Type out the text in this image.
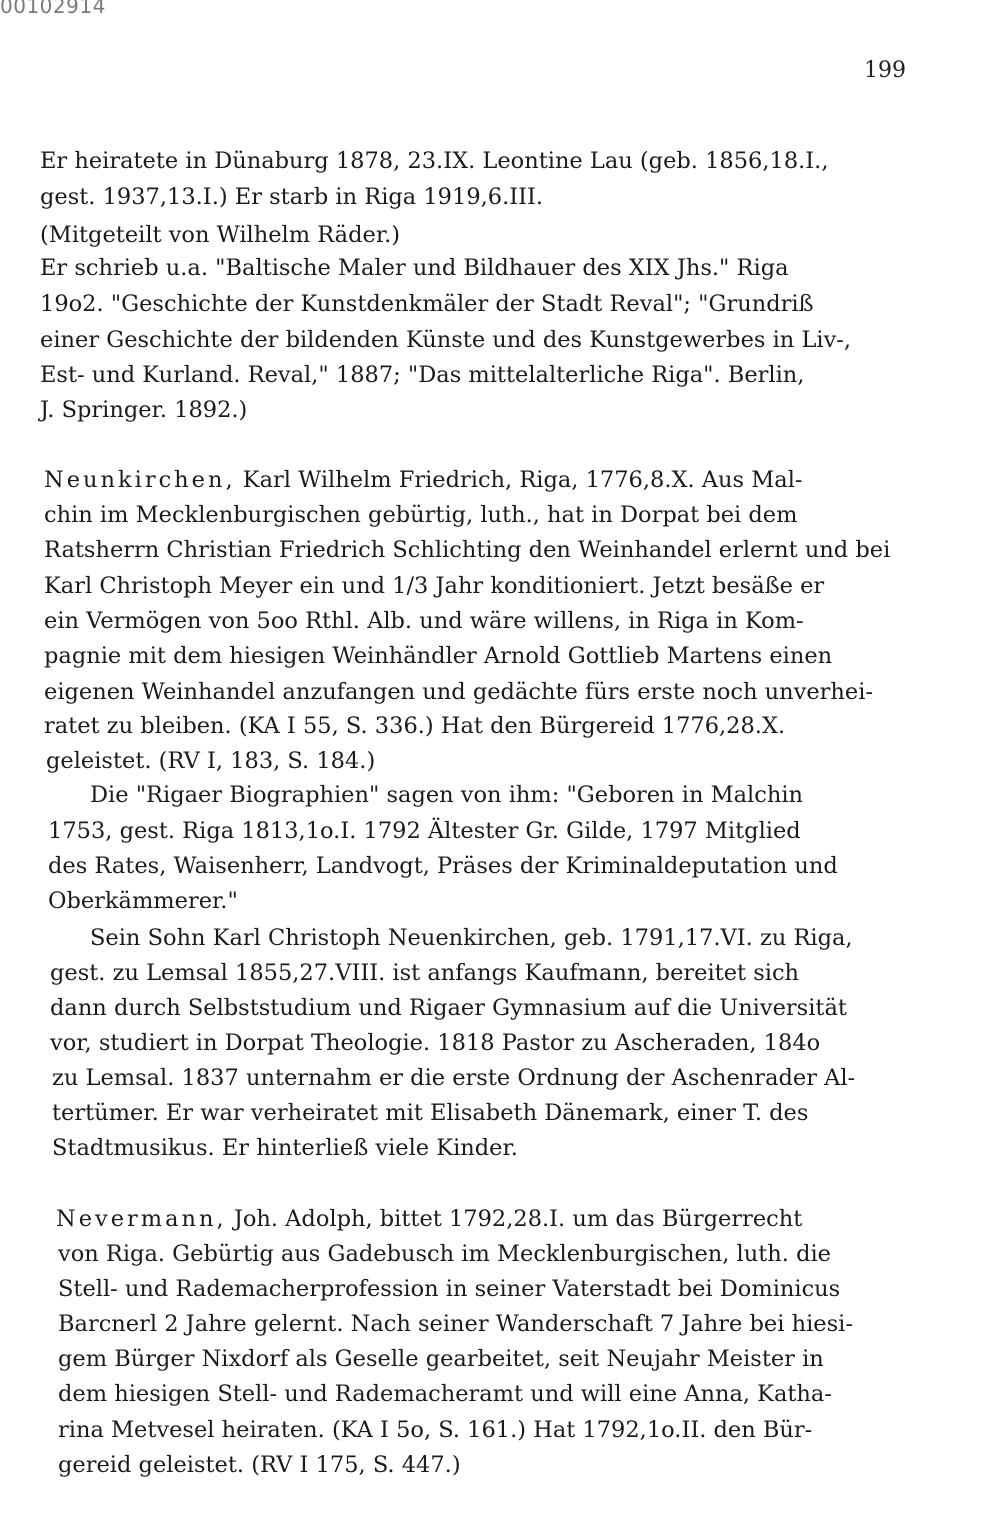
00102914
199
Er heiratete in Dünaburg 1878, 23.IX. Leontine Lau (geb. 1856,18.I.,
gest. 1937,13.I.) Er starb in Riga 1919,6.III.
(Mitgeteilt von Wilhelm Räder.)
Er schrieb u.a. "Baltische Maler und Bildhauer des XIX Jhs." Riga
19o2. "Geschichte der Kunstdenkmäler der Stadt Reval"; "Grundriß
einer Geschichte der bildenden Künste und des Kunstgewerbes in Liv-,
Est- und Kurland. Reval," 1887; "Das mittelalterliche Riga". Berlin,
J. Springer. 1892.)
Neunkirchen, Karl Wilhelm Friedrich, Riga, 1776,8.X. Aus Mal-
chin im Mecklenburgischen gebürtig, luth., hat in Dorpat bei dem
Ratsherrn Christian Friedrich Schlichting den Weinhandel erlernt und bei
Karl Christoph Meyer ein und 1/3 Jahr konditioniert. Jetzt besäße er
ein Vermögen von 5oo Rthl. Alb. und wäre willens, in Riga in Kom-
pagnie mit dem hiesigen Weinhändler Arnold Gottlieb Martens einen
eigenen Weinhandel anzufangen und gedächte fürs erste noch unverhei-
ratet zu bleiben. (KA I 55, S. 336.) Hat den Bürgereid 1776,28.X.
geleistet. (RV I, 183, S. 184.)
Die "Rigaer Biographien" sagen von ihm: "Geboren in Malchin
1753, gest. Riga 1813,1o.I. 1792 Ältester Gr. Gilde, 1797 Mitglied
des Rates, Waisenherr, Landvogt, Präses der Kriminaldeputation und
Oberkämmerer."
Sein Sohn Karl Christoph Neuenkirchen, geb. 1791,17.VI. zu Riga,
gest. zu Lemsal 1855,27.VIII. ist anfangs Kaufmann, bereitet sich
dann durch Selbststudium und Rigaer Gymnasium auf die Universität
vor, studiert in Dorpat Theologie. 1818 Pastor zu Ascheraden, 184o
zu Lemsal. 1837 unternahm er die erste Ordnung der Aschenrader Al-
tertümer. Er war verheiratet mit Elisabeth Dänemark, einer T. des
Stadtmusikus. Er hinterließ viele Kinder.
Nevermann, Joh. Adolph, bittet 1792,28.I. um das Bürgerrecht
von Riga. Gebürtig aus Gadebusch im Mecklenburgischen, luth. die
Stell- und Rademacherprofession in seiner Vaterstadt bei Dominicus
Barcnerl 2 Jahre gelernt. Nach seiner Wanderschaft 7 Jahre bei hiesi-
gem Bürger Nixdorf als Geselle gearbeitet, seit Neujahr Meister in
dem hiesigen Stell- und Rademacheramt und will eine Anna, Katha-
rina Metvesel heiraten. (KA I 5o, S. 161.) Hat 1792,1o.II. den Bür-
gereid geleistet. (RV I 175, S. 447.)
